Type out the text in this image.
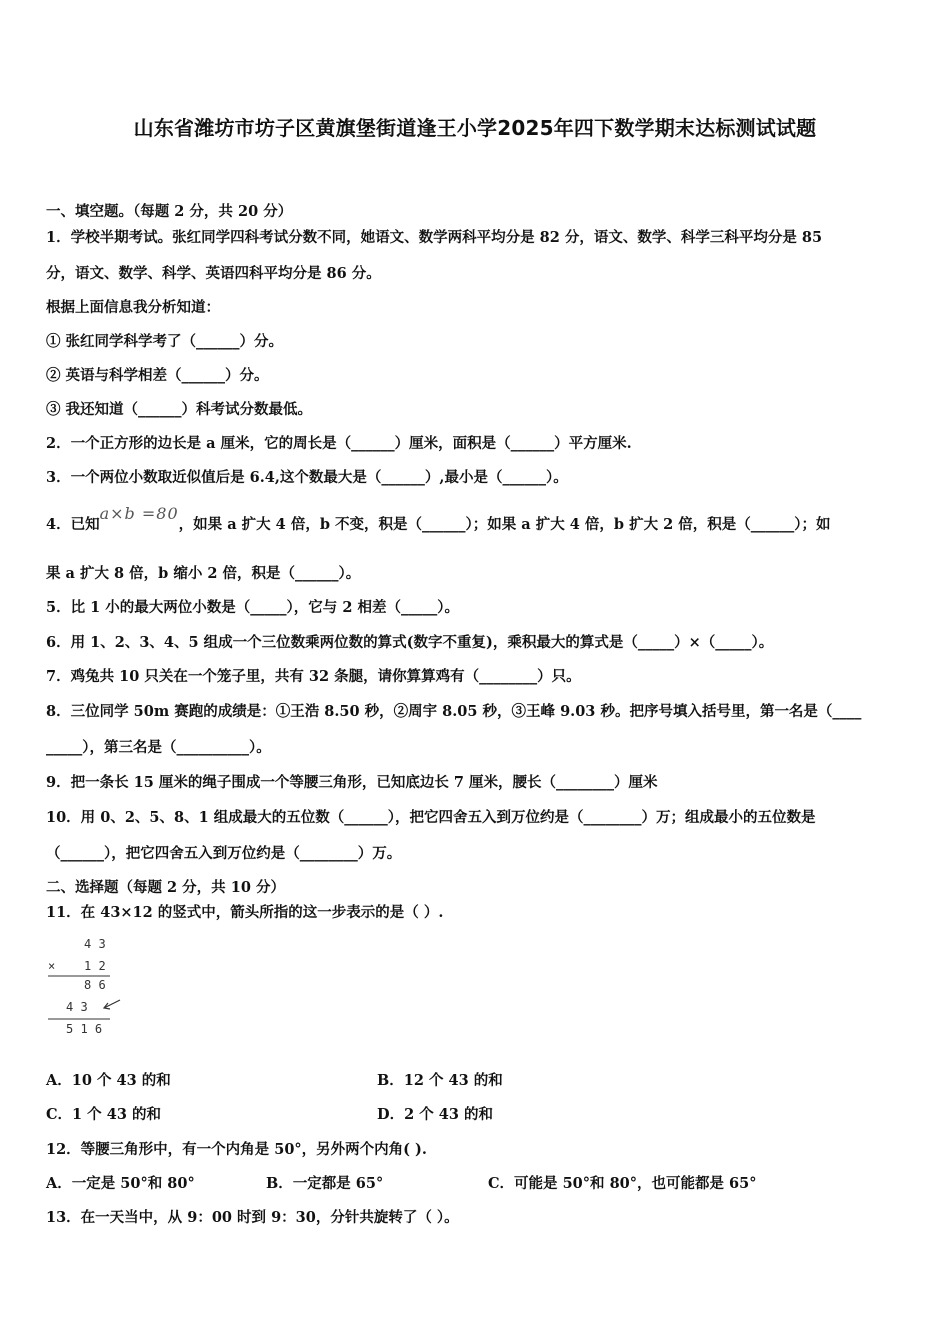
山东省潍坊市坊子区黄旗堡街道逢王小学2025年四下数学期末达标测试试题
一、填空题。（每题 2 分，共 20 分）
1．学校半期考试。张红同学四科考试分数不同，她语文、数学两科平均分是 82 分，语文、数学、科学三科平均分是 85
分，语文、数学、科学、英语四科平均分是 86 分。
根据上面信息我分析知道：
① 张红同学科学考了（______）分。
② 英语与科学相差（______）分。
③ 我还知道（______）科考试分数最低。
2．一个正方形的边长是 a 厘米，它的周长是（______）厘米，面积是（______）平方厘米.
3．一个两位小数取近似值后是 6.4,这个数最大是（______）,最小是（______）。
4．已知a×b =80，如果 a 扩大 4 倍，b 不变，积是（______）；如果 a 扩大 4 倍，b 扩大 2 倍，积是（______）；如
果 a 扩大 8 倍，b 缩小 2 倍，积是（______）。
5．比 1 小的最大两位小数是（_____），它与 2 相差（_____）。
6．用 1、2、3、4、5 组成一个三位数乘两位数的算式(数字不重复)，乘积最大的算式是（_____）×（_____）。
7．鸡兔共 10 只关在一个笼子里，共有 32 条腿，请你算算鸡有（________）只。
8．三位同学 50m 赛跑的成绩是：①王浩 8.50 秒，②周宇 8.05 秒，③王峰 9.03 秒。把序号填入括号里，第一名是（____
_____），第三名是（__________）。
9．把一条长 15 厘米的绳子围成一个等腰三角形，已知底边长 7 厘米，腰长（________）厘米
10．用 0、2、5、8、1 组成最大的五位数（______），把它四舍五入到万位约是（________）万；组成最小的五位数是
（______），把它四舍五入到万位约是（________）万。
二、选择题（每题 2 分，共 10 分）
11．在 43×12 的竖式中，箭头所指的这一步表示的是（ ）.
4 3
× 1 2
8 6
4 3
5 1 6
A．10 个 43 的和	B．12 个 43 的和
C．1 个 43 的和	D．2 个 43 的和
12．等腰三角形中，有一个内角是 50°，另外两个内角( ).
A．一定是 50°和 80°	B．一定都是 65°	C．可能是 50°和 80°，也可能都是 65°
13．在一天当中，从 9：00 时到 9：30，分针共旋转了（ ）。
